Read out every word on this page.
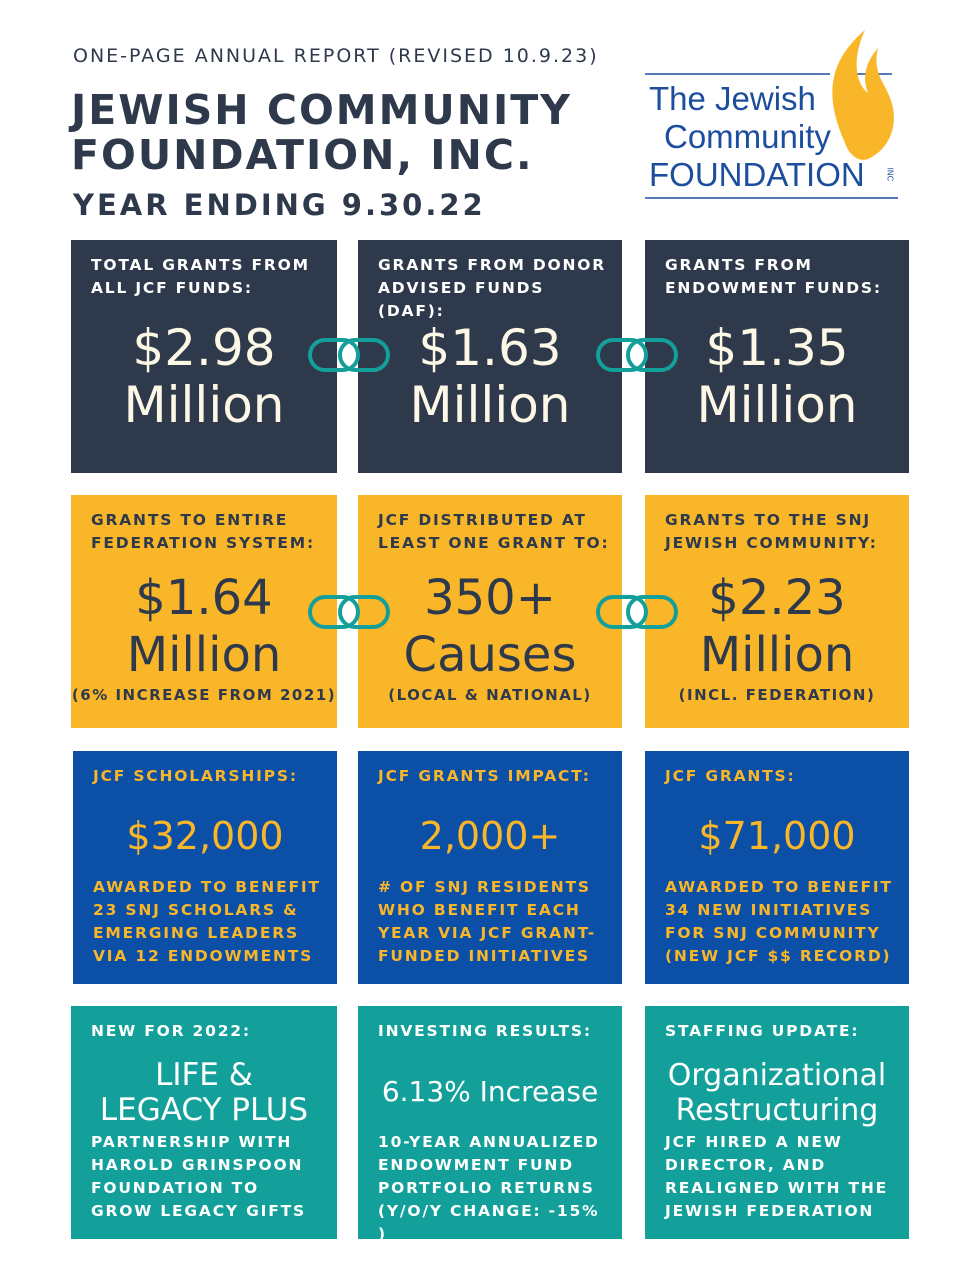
ONE-PAGE ANNUAL REPORT (REVISED 10.9.23)
JEWISH COMMUNITY
FOUNDATION, INC.
YEAR ENDING 9.30.22
The Jewish
Community
FOUNDATION	INC
TOTAL GRANTS FROM
ALL JCF FUNDS:
$2.98
Million
GRANTS FROM DONOR
ADVISED FUNDS (DAF):
$1.63
Million
GRANTS FROM
ENDOWMENT FUNDS:
$1.35
Million
GRANTS TO ENTIRE
FEDERATION SYSTEM:
$1.64
Million
(6% INCREASE FROM 2021)
JCF DISTRIBUTED AT
LEAST ONE GRANT TO:
350+
Causes
(LOCAL & NATIONAL)
GRANTS TO THE SNJ
JEWISH COMMUNITY:
$2.23
Million
(INCL. FEDERATION)
JCF SCHOLARSHIPS:
$32,000
AWARDED TO BENEFIT
23 SNJ SCHOLARS &
EMERGING LEADERS
VIA 12 ENDOWMENTS
JCF GRANTS IMPACT:
2,000+
# OF SNJ RESIDENTS
WHO BENEFIT EACH
YEAR VIA JCF GRANT-
FUNDED INITIATIVES
JCF GRANTS:
$71,000
AWARDED TO BENEFIT
34 NEW INITIATIVES
FOR SNJ COMMUNITY
(NEW JCF $$ RECORD)
NEW FOR 2022:
LIFE &
LEGACY PLUS
PARTNERSHIP WITH
HAROLD GRINSPOON
FOUNDATION TO
GROW LEGACY GIFTS
INVESTING RESULTS:
6.13% Increase
10-YEAR ANNUALIZED
ENDOWMENT FUND
PORTFOLIO RETURNS
(Y/O/Y CHANGE: -15% )
STAFFING UPDATE:
Organizational
Restructuring
JCF HIRED A NEW
DIRECTOR, AND
REALIGNED WITH THE
JEWISH FEDERATION
